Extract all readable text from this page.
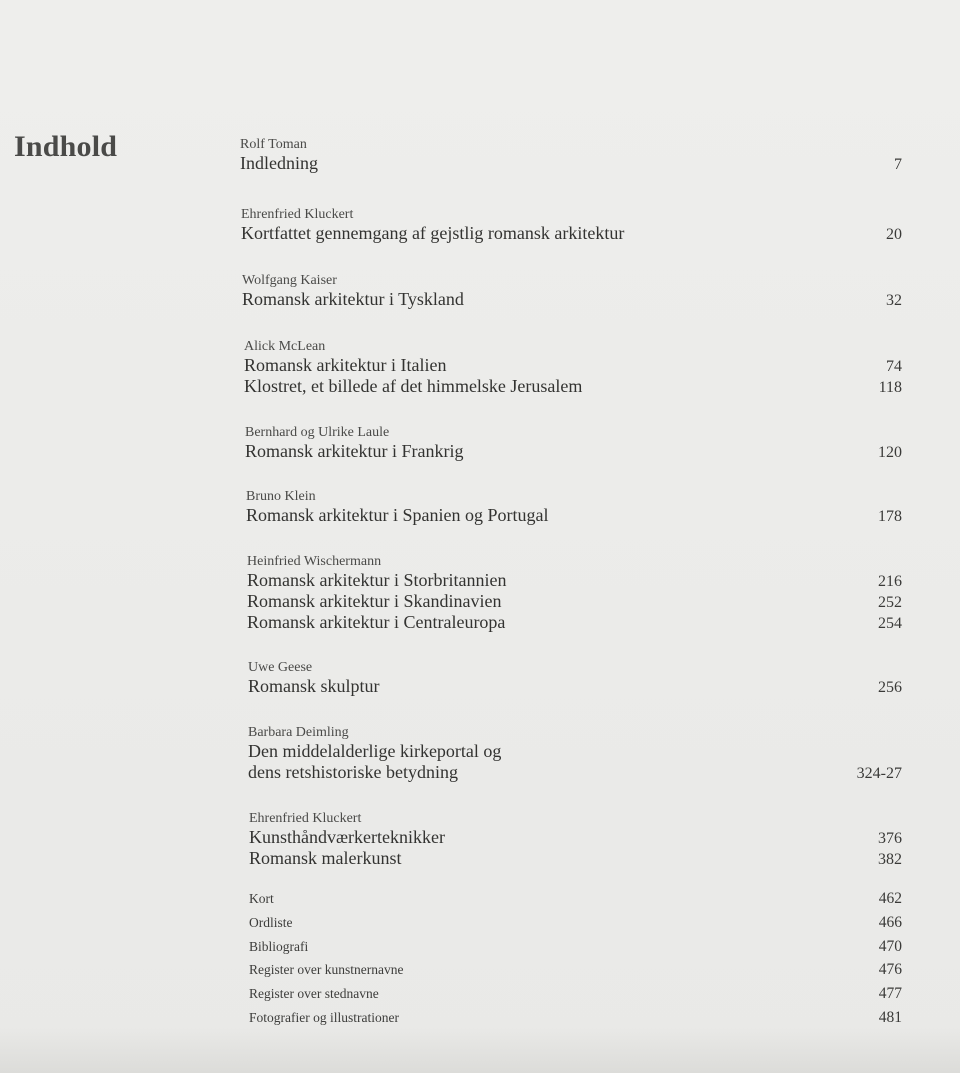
Indhold	Rolf Toman
Indledning	7
Ehrenfried Kluckert
Kortfattet gennemgang af gejstlig romansk arkitektur	20
Wolfgang Kaiser
Romansk arkitektur i Tyskland	32
Alick McLean
Romansk arkitektur i Italien	74
Klostret, et billede af det himmelske Jerusalem	118
Bernhard og Ulrike Laule
Romansk arkitektur i Frankrig	120
Bruno Klein
Romansk arkitektur i Spanien og Portugal	178
Heinfried Wischermann
Romansk arkitektur i Storbritannien	216
Romansk arkitektur i Skandinavien	252
Romansk arkitektur i Centraleuropa	254
Uwe Geese
Romansk skulptur	256
Barbara Deimling
Den middelalderlige kirkeportal og
dens retshistoriske betydning	324-27
Ehrenfried Kluckert
Kunsthåndværkerteknikker	376
Romansk malerkunst	382
Kort	462
Ordliste	466
Bibliografi	470
Register over kunstnernavne	476
Register over stednavne	477
Fotografier og illustrationer	481
